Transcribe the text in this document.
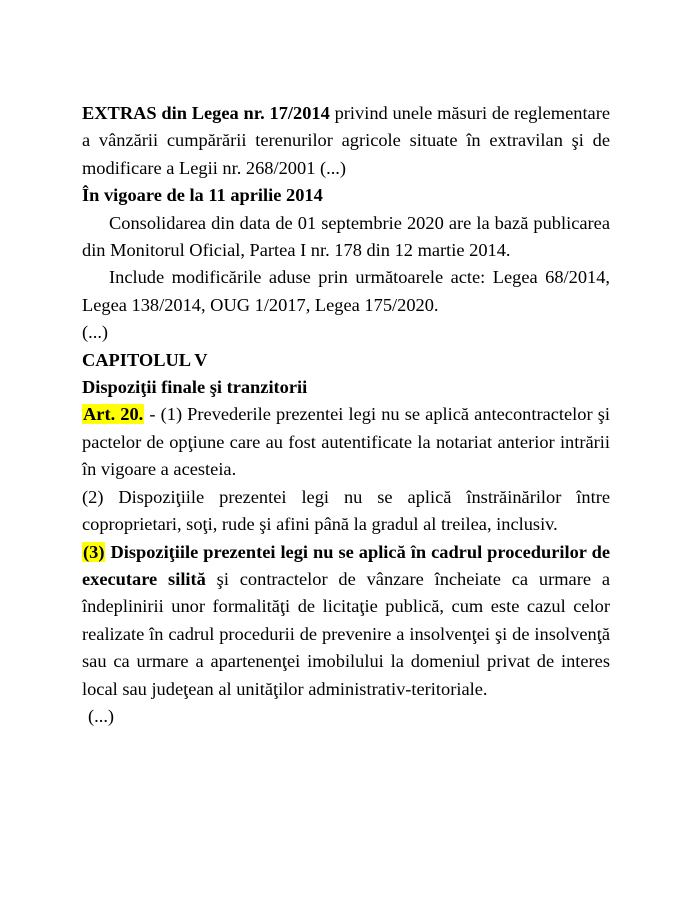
EXTRAS din Legea nr. 17/2014 privind unele măsuri de reglementare a vânzării cumpărării terenurilor agricole situate în extravilan şi de modificare a Legii nr. 268/2001 (...)

În vigoare de la 11 aprilie 2014

Consolidarea din data de 01 septembrie 2020 are la bază publicarea din Monitorul Oficial, Partea I nr. 178 din 12 martie 2014.

Include modificările aduse prin următoarele acte: Legea 68/2014, Legea 138/2014, OUG 1/2017, Legea 175/2020.

(...)

CAPITOLUL V

Dispoziţii finale şi tranzitorii

Art. 20. - (1) Prevederile prezentei legi nu se aplică antecontractelor şi pactelor de opţiune care au fost autentificate la notariat anterior intrării în vigoare a acesteia.

(2) Dispoziţiile prezentei legi nu se aplică înstrăinărilor între coproprietari, soţi, rude şi afini până la gradul al treilea, inclusiv.

(3) Dispoziţiile prezentei legi nu se aplică în cadrul procedurilor de executare silită şi contractelor de vânzare încheiate ca urmare a îndeplinirii unor formalităţi de licitaţie publică, cum este cazul celor realizate în cadrul procedurii de prevenire a insolvenţei şi de insolvenţă sau ca urmare a apartenenţei imobilului la domeniul privat de interes local sau judeţean al unităţilor administrativ-teritoriale.

(...)
